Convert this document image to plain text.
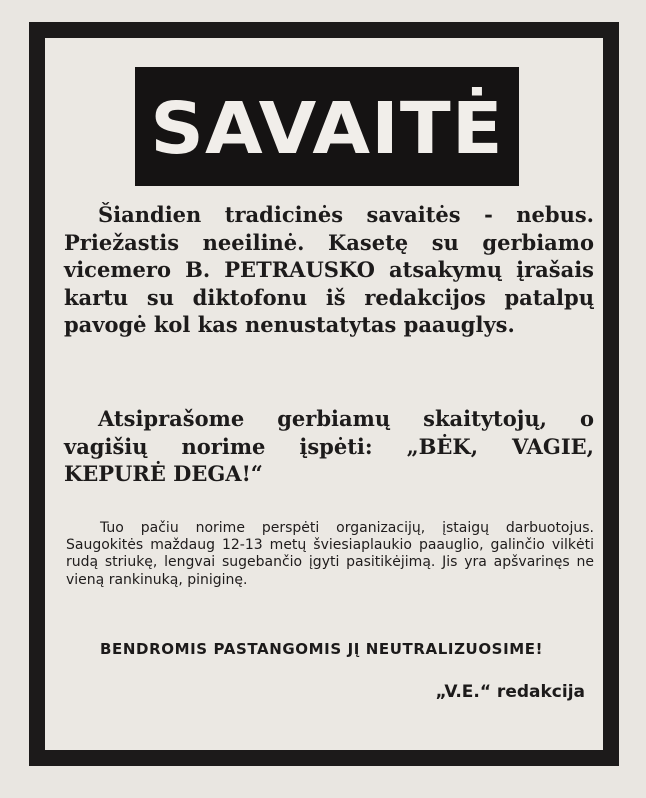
SAVAITĖ

Šiandien tradicinės savaitės - nebus. Priežastis neeilinė. Kasetę su gerbiamo vicemero B. PETRAUSKO atsakymų įrašais kartu su diktofonu iš redakcijos patalpų pavogė kol kas nenustatytas paauglys.

Atsiprašome gerbiamų skaitytojų, o vagišių norime įspėti: „BĖK, VAGIE, KEPURĖ DEGA!“

Tuo pačiu norime perspėti organizacijų, įstaigų darbuotojus. Saugokitės maždaug 12-13 metų šviesiaplaukio paauglio, galinčio vilkėti rudą striukę, lengvai sugebančio įgyti pasitikėjimą. Jis yra apšvarinęs ne vieną rankinuką, piniginę.

BENDROMIS PASTANGOMIS JĮ NEUTRALIZUOSIME!

„V.E.“ redakcija
